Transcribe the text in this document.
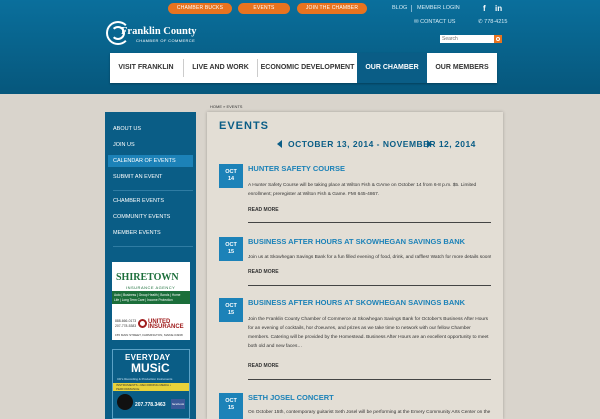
CHAMBER BUCKS	EVENTS	JOIN THE CHAMBER	BLOG MEMBER LOGIN	f in
Franklin County
CHAMBER OF COMMERCE
✉ CONTACT US	✆ 778-4215
Search
VISIT FRANKLIN	LIVE AND WORK	ECONOMIC DEVELOPMENT	OUR CHAMBER	OUR MEMBERS
ABOUT US
JOIN US
CALENDAR OF EVENTS
SUBMIT AN EVENT
CHAMBER EVENTS
COMMUNITY EVENTS
MEMBER EVENTS
SHIRETOWN
INSURANCE AGENCY
Auto | Business | Group Health | Bonds | Home
Life | Long Term Care | Income Protection
888-666-0173
207-778-5383
UNITED INSURANCE
155 MAIN STREET, FARMINGTON, MAINE 04938
EVERYDAY
MUSiC
CD's Recording & Production Instruments
INSTRUMENTS • RECORDING MEDIA • PERFORMANCE
207.778.3463	facebook
HOME » EVENTS
EVENTS
OCTOBER 13, 2014 - NOVEMBER 12, 2014
OCT
14
HUNTER SAFETY COURSE
A Hunter Safety Course will be taking place at Wilton Fish & GAme on October 14 from 6-8 p.m. $5. Limited enrollment; preregister at Wilton Fish & Game. FMI 645-4867.
READ MORE
OCT
15
BUSINESS AFTER HOURS AT SKOWHEGAN SAVINGS BANK
Join us at Skowhegan Savings Bank for a fun filled evening of food, drink, and raffles! Watch for more details soon!
READ MORE
OCT
15
BUSINESS AFTER HOURS AT SKOWHEGAN SAVINGS BANK
Join the Franklin County Chamber of Commerce at Skowhegan Savings Bank for October's Business After Hours for an evening of cocktails, hor d'oeuvres, and prizes as we take time to network with our fellow Chamber members. Catering will be provided by the Homestead. Business After Hours are an excellent opportunity to meet both old and new faces…
READ MORE
OCT
15
SETH JOSEL CONCERT
On October 15th, contemporary guitarist Seth Josel will be performing at the Emery Community Arts Center on the
